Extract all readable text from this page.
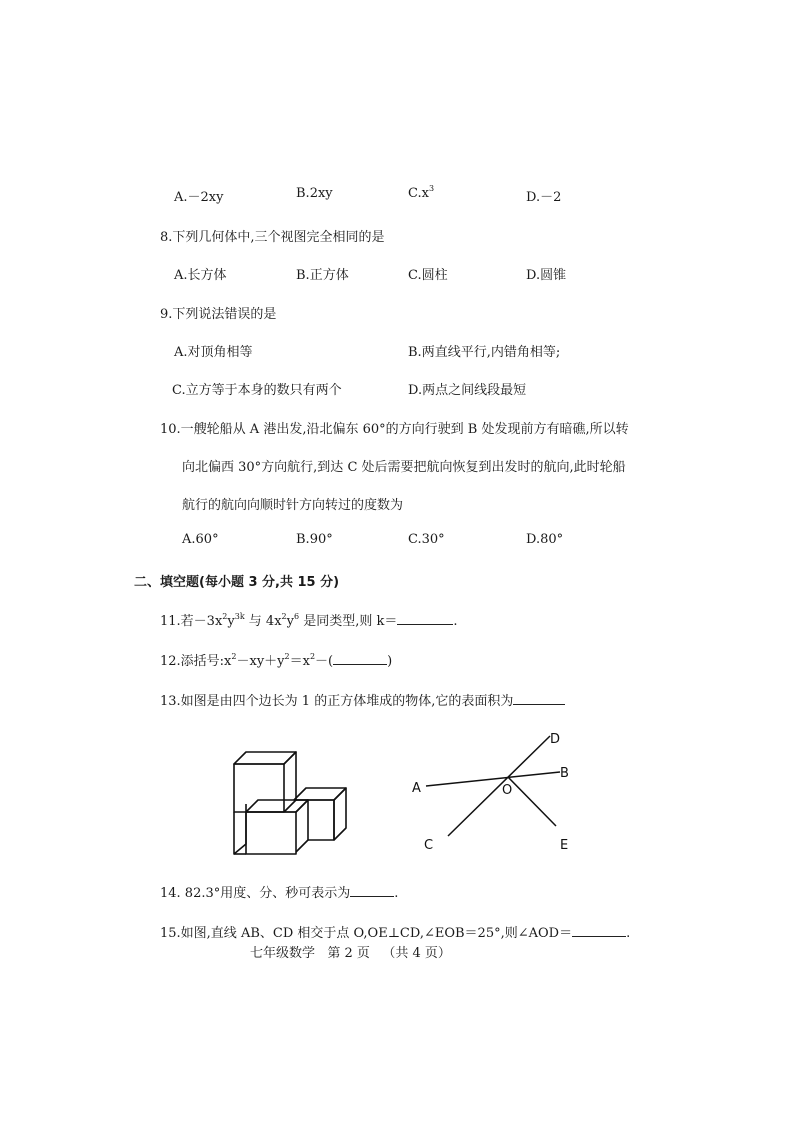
A.－2xy	B.2xy	$C.x^3$
D.－2
8.下列几何体中,三个视图完全相同的是
A.长方体	B.正方体	C.圆柱	D.圆锥
9.下列说法错误的是
A.对顶角相等	B.两直线平行,内错角相等;
C.立方等于本身的数只有两个	D.两点之间线段最短
10.一艘轮船从 A 港出发,沿北偏东 60°的方向行驶到 B 处发现前方有暗礁,所以转
向北偏西 30°方向航行,到达 C 处后需要把航向恢复到出发时的航向,此时轮船
航行的航向向顺时针方向转过的度数为
A.60°	B.90°	C.30°	D.80°
二、填空题(每小题 3 分,共 15 分)
11.若$-3x^2y^{3k}$ 与 $4x^2y^6$ 是同类型,则 k＝	.
12.添括号$:x^2-xy+y^2=x^2-$(	)
13.如图是由四个边长为 1 的正方体堆成的物体,它的表面积为
A
B
C
D
E
O
14. 82.3°用度、分、秒可表示为	.
15.如图,直线 AB、CD 相交于点 O,OE⊥CD,∠EOB＝25°,则∠AOD＝	.
七年级数学   第 2 页   （共 4 页）
